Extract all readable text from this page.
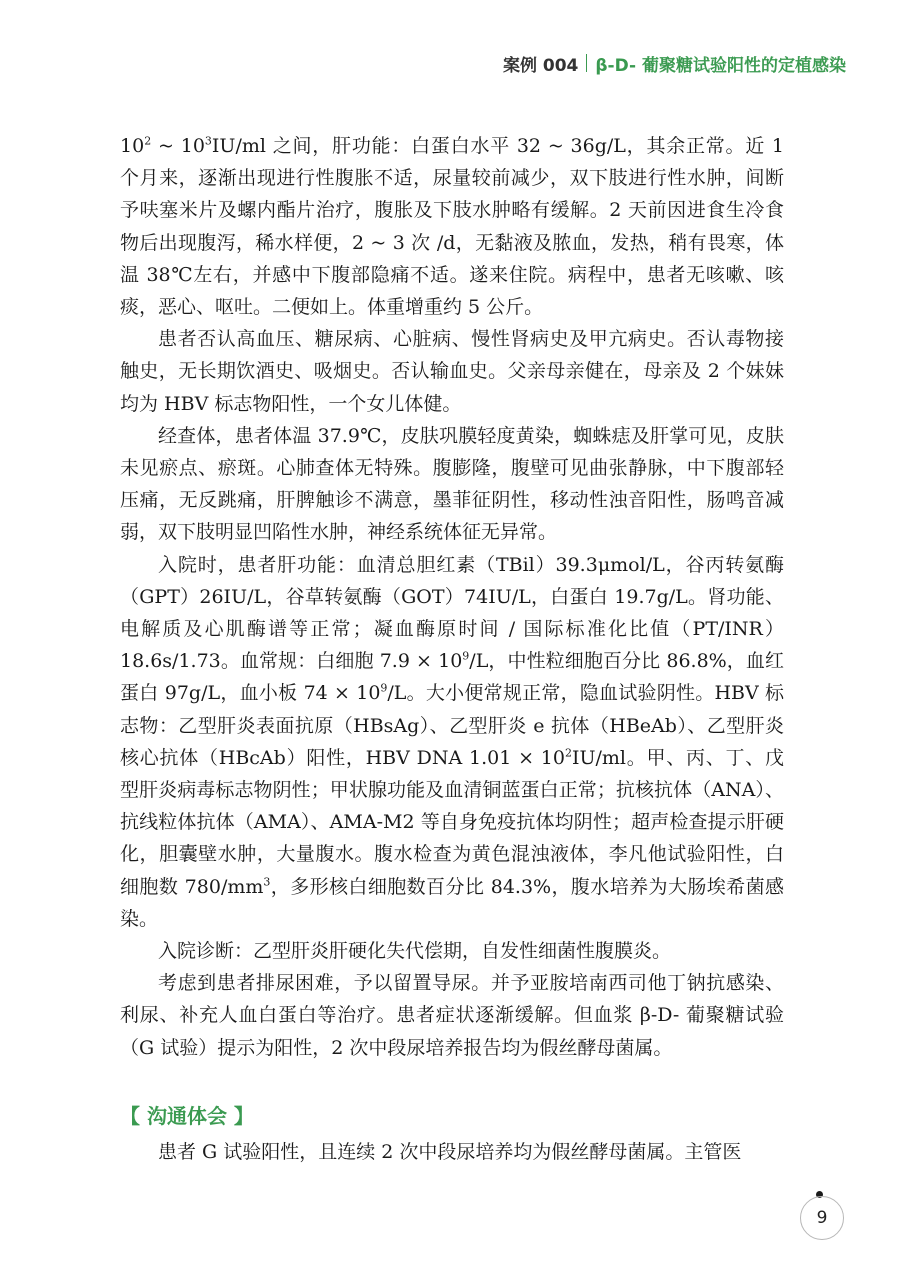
案例 004 β-D- 葡聚糖试验阳性的定植感染

$10^2$ ~ $10^3IU/ml$ 之间，肝功能：白蛋白水平 32 ~ 36g/L，其余正常。近 1 个月来，逐渐出现进行性腹胀不适，尿量较前减少，双下肢进行性水肿，间断予呋塞米片及螺内酯片治疗，腹胀及下肢水肿略有缓解。2 天前因进食生冷食物后出现腹泻，稀水样便，2 ~ 3 次 /d，无黏液及脓血，发热，稍有畏寒，体温 38℃左右，并感中下腹部隐痛不适。遂来住院。病程中，患者无咳嗽、咳痰，恶心、呕吐。二便如上。体重增重约 5 公斤。

患者否认高血压、糖尿病、心脏病、慢性肾病史及甲亢病史。否认毒物接触史，无长期饮酒史、吸烟史。否认输血史。父亲母亲健在，母亲及 2 个妹妹均为 HBV 标志物阳性，一个女儿体健。

经查体，患者体温 37.9℃，皮肤巩膜轻度黄染，蜘蛛痣及肝掌可见，皮肤未见瘀点、瘀斑。心肺查体无特殊。腹膨隆，腹壁可见曲张静脉，中下腹部轻压痛，无反跳痛，肝脾触诊不满意，墨菲征阴性，移动性浊音阳性，肠鸣音减弱，双下肢明显凹陷性水肿，神经系统体征无异常。

入院时，患者肝功能：血清总胆红素（TBil）39.3μmol/L，谷丙转氨酶（GPT）26IU/L，谷草转氨酶（GOT）74IU/L，白蛋白 19.7g/L。肾功能、电解质及心肌酶谱等正常；凝血酶原时间 / 国际标准化比值（PT/INR）18.6s/1.73。血常规：白细胞 $7.9 \times 10^9/L$，中性粒细胞百分比 86.8%，血红蛋白 97g/L，血小板 $74 \times 10^9/L$。大小便常规正常，隐血试验阴性。HBV 标志物：乙型肝炎表面抗原（HBsAg）、乙型肝炎 e 抗体（HBeAb）、乙型肝炎核心抗体（HBcAb）阳性，HBV DNA $1.01 \times 10^2IU/ml$。甲、丙、丁、戊型肝炎病毒标志物阴性；甲状腺功能及血清铜蓝蛋白正常；抗核抗体（ANA）、抗线粒体抗体（AMA）、AMA-M2 等自身免疫抗体均阴性；超声检查提示肝硬化，胆囊壁水肿，大量腹水。腹水检查为黄色混浊液体，李凡他试验阳性，白细胞数 $780/mm^3$，多形核白细胞数百分比 84.3%，腹水培养为大肠埃希菌感染。

入院诊断：乙型肝炎肝硬化失代偿期，自发性细菌性腹膜炎。

考虑到患者排尿困难，予以留置导尿。并予亚胺培南西司他丁钠抗感染、利尿、补充人血白蛋白等治疗。患者症状逐渐缓解。但血浆 β-D- 葡聚糖试验（G 试验）提示为阳性，2 次中段尿培养报告均为假丝酵母菌属。

【 沟通体会 】

患者 G 试验阳性，且连续 2 次中段尿培养均为假丝酵母菌属。主管医

9
